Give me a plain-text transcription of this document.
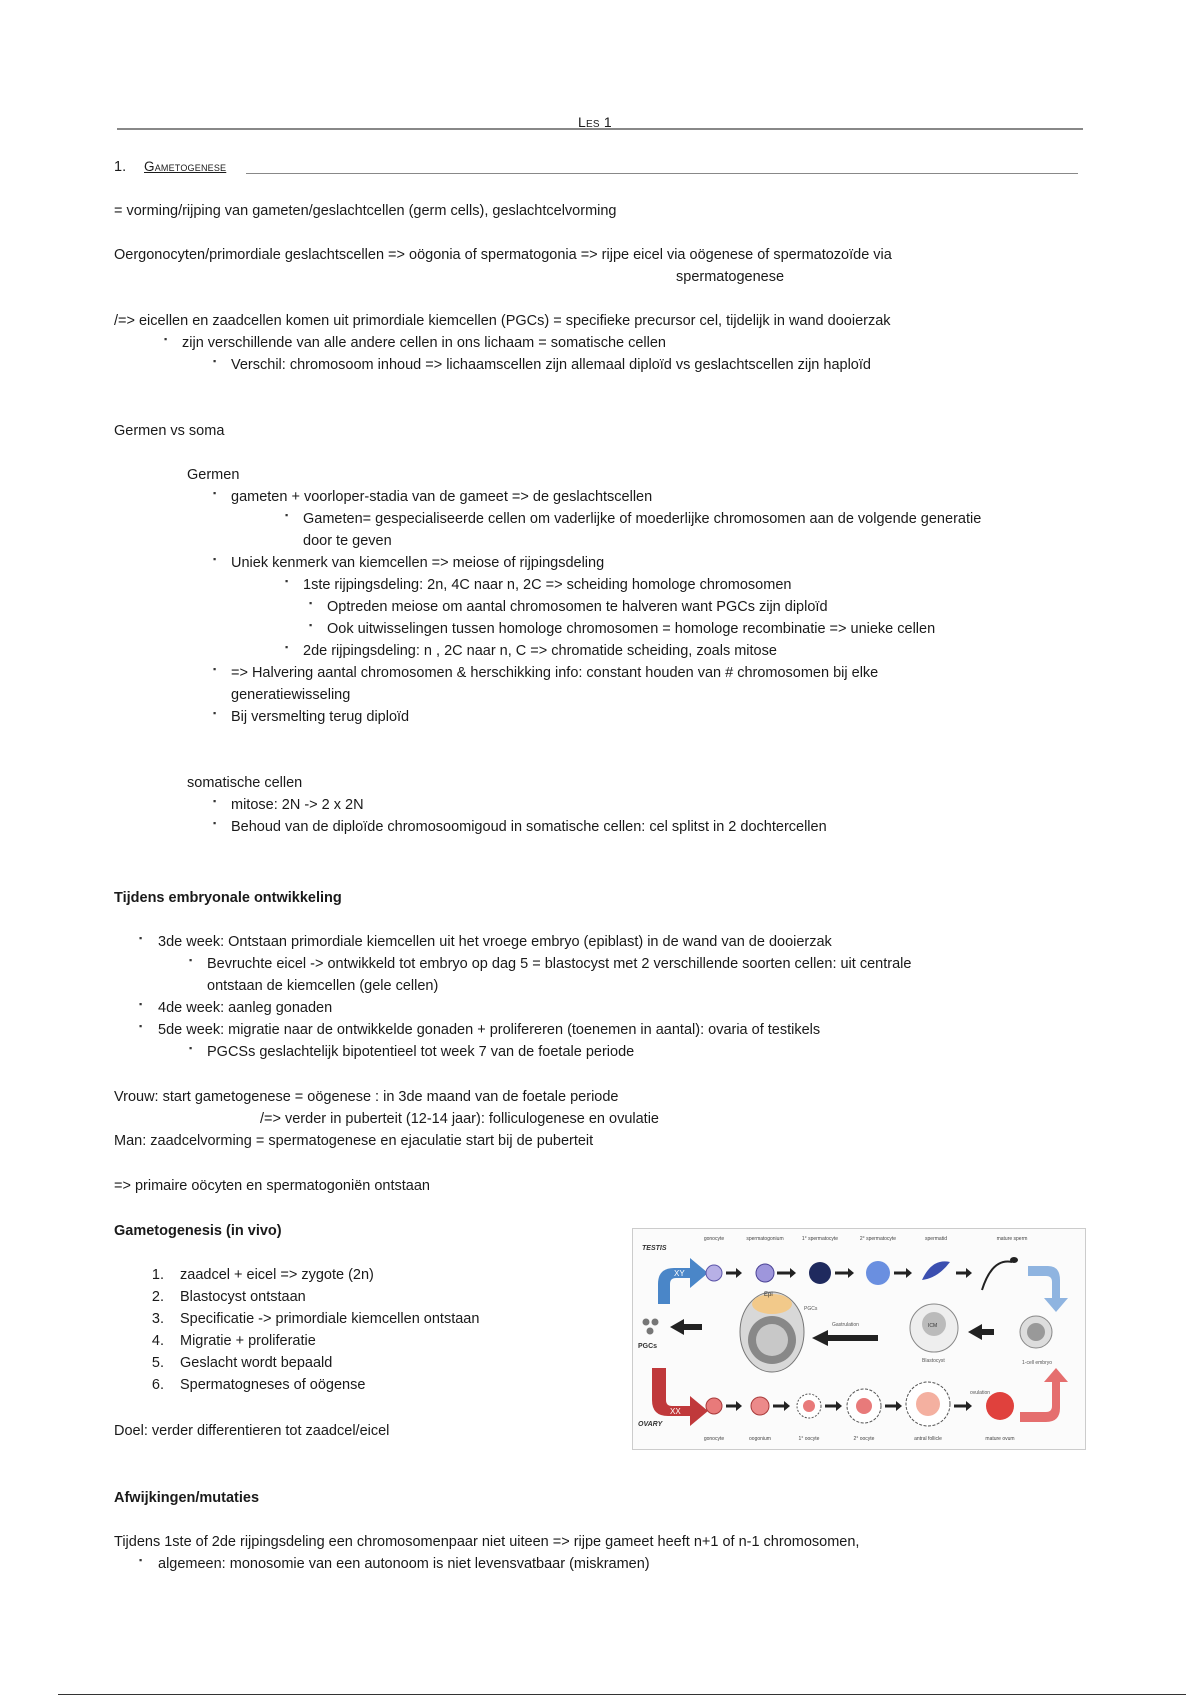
Les 1
1. Gametogenese
= vorming/rijping van gameten/geslachtcellen (germ cells), geslachtcelvorming
Oergonocyten/primordiale geslachtscellen => oögonia of spermatogonia => rijpe eicel via oögenese of spermatozoïde via
spermatogenese
/=> eicellen en zaadcellen komen uit primordiale kiemcellen (PGCs) = specifieke precursor cel, tijdelijk in wand dooierzak
▪ zijn verschillende van alle andere cellen in ons lichaam = somatische cellen
▪ Verschil: chromosoom inhoud => lichaamscellen zijn allemaal diploïd vs geslachtscellen zijn haploïd
Germen vs soma
Germen
▪ gameten + voorloper-stadia van de gameet => de geslachtscellen
▪ Gameten= gespecialiseerde cellen om vaderlijke of moederlijke chromosomen aan de volgende generatie
door te geven
▪ Uniek kenmerk van kiemcellen => meiose of rijpingsdeling
▪ 1ste rijpingsdeling: 2n, 4C naar n, 2C => scheiding homologe chromosomen
▪ Optreden meiose om aantal chromosomen te halveren want PGCs zijn diploïd
▪ Ook uitwisselingen tussen homologe chromosomen = homologe recombinatie => unieke cellen
▪ 2de rijpingsdeling: n , 2C naar n, C => chromatide scheiding, zoals mitose
▪ => Halvering aantal chromosomen & herschikking info: constant houden van # chromosomen bij elke
generatiewisseling
▪ Bij versmelting terug diploïd
somatische cellen
▪ mitose: 2N -> 2 x 2N
▪ Behoud van de diploïde chromosoomigoud in somatische cellen: cel splitst in 2 dochtercellen
Tijdens embryonale ontwikkeling
▪ 3de week: Ontstaan primordiale kiemcellen uit het vroege embryo (epiblast) in de wand van de dooierzak
▪ Bevruchte eicel -> ontwikkeld tot embryo op dag 5 = blastocyst met 2 verschillende soorten cellen: uit centrale
ontstaan de kiemcellen (gele cellen)
▪ 4de week: aanleg gonaden
▪ 5de week: migratie naar de ontwikkelde gonaden + prolifereren (toenemen in aantal): ovaria of testikels
▪ PGCSs geslachtelijk bipotentieel tot week 7 van de foetale periode
Vrouw: start gametogenese = oögenese : in 3de maand van de foetale periode
/=> verder in puberteit (12-14 jaar): folliculogenese en ovulatie
Man: zaadcelvorming = spermatogenese en ejaculatie start bij de puberteit
=> primaire oöcyten en spermatogoniën ontstaan
Gametogenesis (in vivo)
1. zaadcel + eicel => zygote (2n)
2. Blastocyst ontstaan
3. Specificatie -> primordiale kiemcellen ontstaan
4. Migratie + proliferatie
5. Geslacht wordt bepaald
6. Spermatogneses of oögense
Doel: verder differentieren tot zaadcel/eicel
TESTIS
OVARY
gonocyte	spermatogonium	1° spermatocyte	2° spermatocyte	spermatid	mature sperm
gonocyte	oogonium	1° oocyte	2° oocyte	antral follicle	mature ovum
XY
XX
PGCs
Epi
PGCs
Gastrulation	ICM
Blastocyst	1-cell embryo
ovulation
Afwijkingen/mutaties
Tijdens 1ste of 2de rijpingsdeling een chromosomenpaar niet uiteen => rijpe gameet heeft n+1 of n-1 chromosomen,
▪ algemeen: monosomie van een autonoom is niet levensvatbaar (miskramen)
